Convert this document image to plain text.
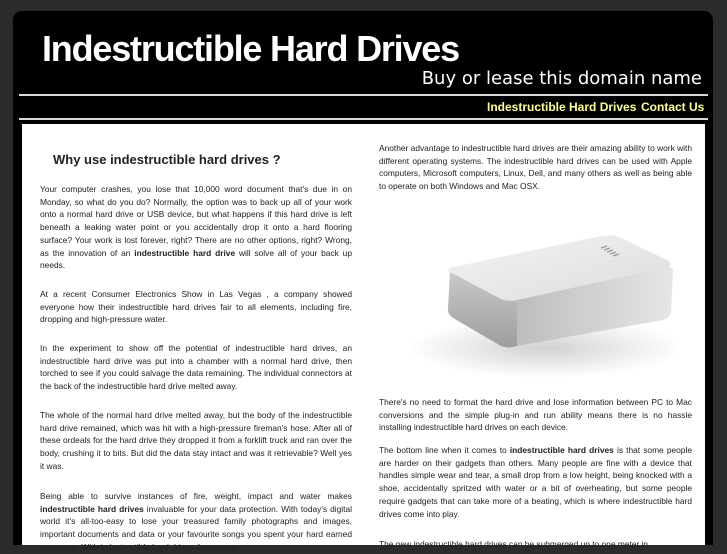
Indestructible Hard Drives
Buy or lease this domain name
Indestructible Hard Drives Contact Us
Why use indestructible hard drives ?

Your computer crashes, you lose that 10,000 word document that's due in on Monday, so what do you do? Normally, the option was to back up all of your work onto a normal hard drive or USB device, but what happens if this hard drive is left beneath a leaking water point or you accidentally drop it onto a hard flooring surface? Your work is lost forever, right? There are no other options, right? Wrong, as the innovation of an indestructible hard drive will solve all of your back up needs.

At a recent Consumer Electronics Show in Las Vegas , a company showed everyone how their indestructible hard drives fair to all elements, including fire, dropping and high-pressure water.

In the experiment to show off the potential of indestructible hard drives, an indestructible hard drive was put into a chamber with a normal hard drive, then torched to see if you could salvage the data remaining. The individual connectors at the back of the indestructible hard drive melted away.

The whole of the normal hard drive melted away, but the body of the indestructible hard drive remained, which was hit with a high-pressure fireman's hose. After all of these ordeals for the hard drive they dropped it from a forklift truck and ran over the body, crushing it to bits. But did the data stay intact and was it retrievable? Well yes it was.

Being able to survive instances of fire, weight, impact and water makes indestructible hard drives invaluable for your data protection. With today's digital world it's all-too-easy to lose your treasured family photographs and images, important documents and data or your favourite songs you spent your hard earned money on. With indestructible hard drives there never

Another advantage to indestructible hard drives are their amazing ability to work with different operating systems. The indestructible hard drives can be used with Apple computers, Microsoft computers, Linux, Dell, and many others as well as being able to operate on both Windows and Mac OSX.

There's no need to format the hard drive and lose information between PC to Mac conversions and the simple plug-in and run ability means there is no hassle installing indestructible hard drives on each device.

The bottom line when it comes to indestructible hard drives is that some people are harder on their gadgets than others. Many people are fine with a device that handles simple wear and tear, a small drop from a low height, being knocked with a shoe, accidentally spritzed with water or a bit of overheating, but some people require gadgets that can take more of a beating, which is where indestructible hard drives come into play.

The new indestructible hard drives can be submerged up to one meter in
